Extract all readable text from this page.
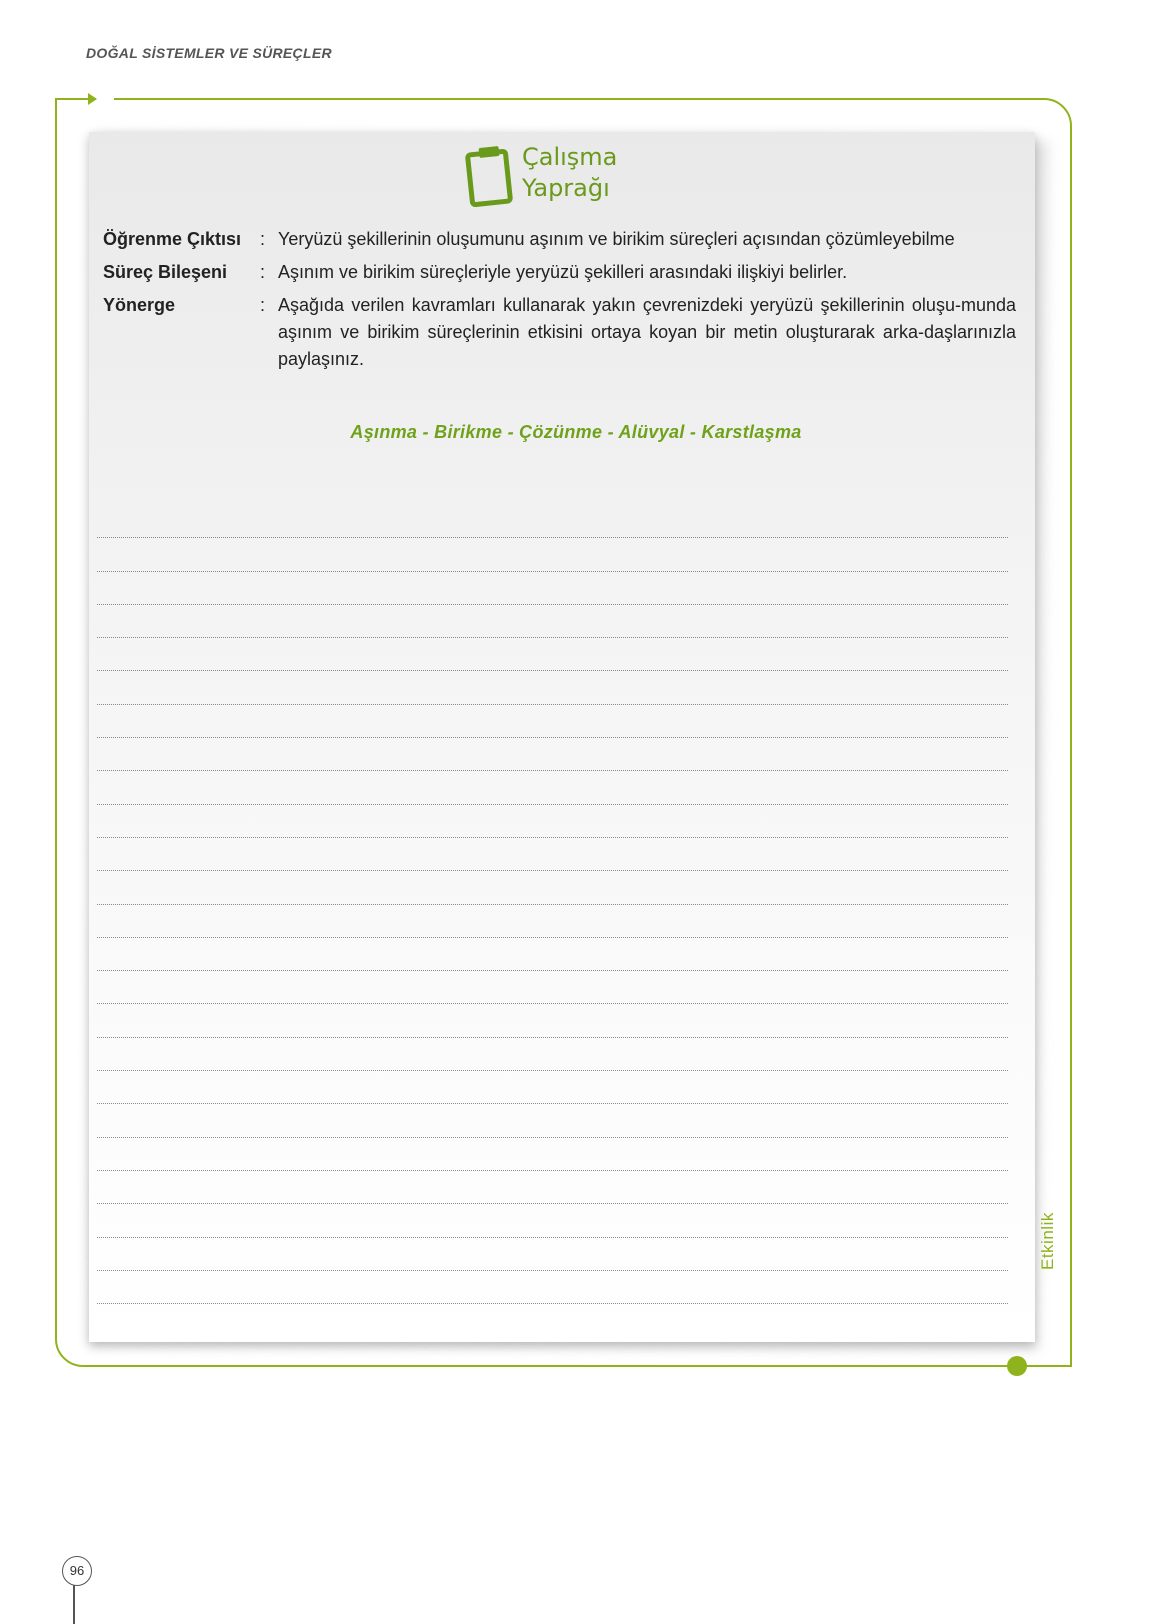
DOĞAL SİSTEMLER VE SÜREÇLER
Çalışma
Yaprağı
Öğrenme Çıktısı : Yeryüzü şekillerinin oluşumunu aşınım ve birikim süreçleri açısından çözümleyebilme
Süreç Bileşeni : Aşınım ve birikim süreçleriyle yeryüzü şekilleri arasındaki ilişkiyi belirler.
Yönerge	: Aşağıda verilen kavramları kullanarak yakın çevrenizdeki yeryüzü şekillerinin oluşu-munda aşınım ve birikim süreçlerinin etkisini ortaya koyan bir metin oluşturarak arka-daşlarınızla paylaşınız.
Aşınma - Birikme - Çözünme - Alüvyal - Karstlaşma
Etkinlik
96
